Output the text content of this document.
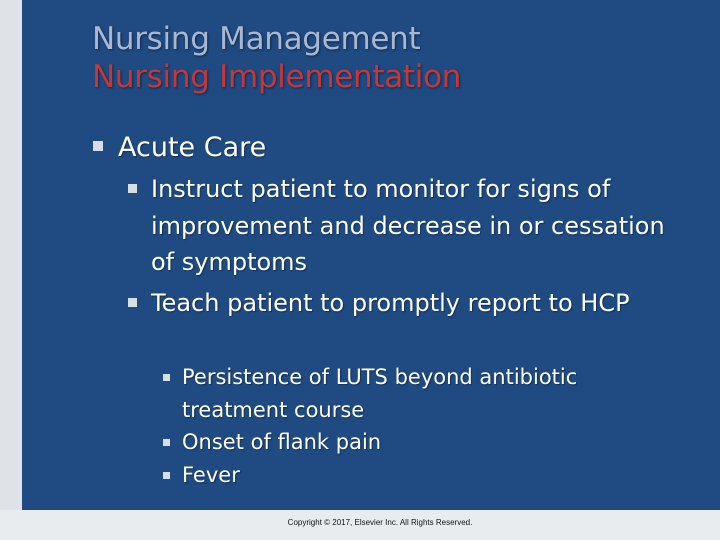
Nursing Management
Nursing Implementation
Acute Care
Instruct patient to monitor for signs of improvement and decrease in or cessation of symptoms
Teach patient to promptly report to HCP
Persistence of LUTS beyond antibiotic treatment course
Onset of flank pain
Fever
Copyright © 2017, Elsevier Inc. All Rights Reserved.
